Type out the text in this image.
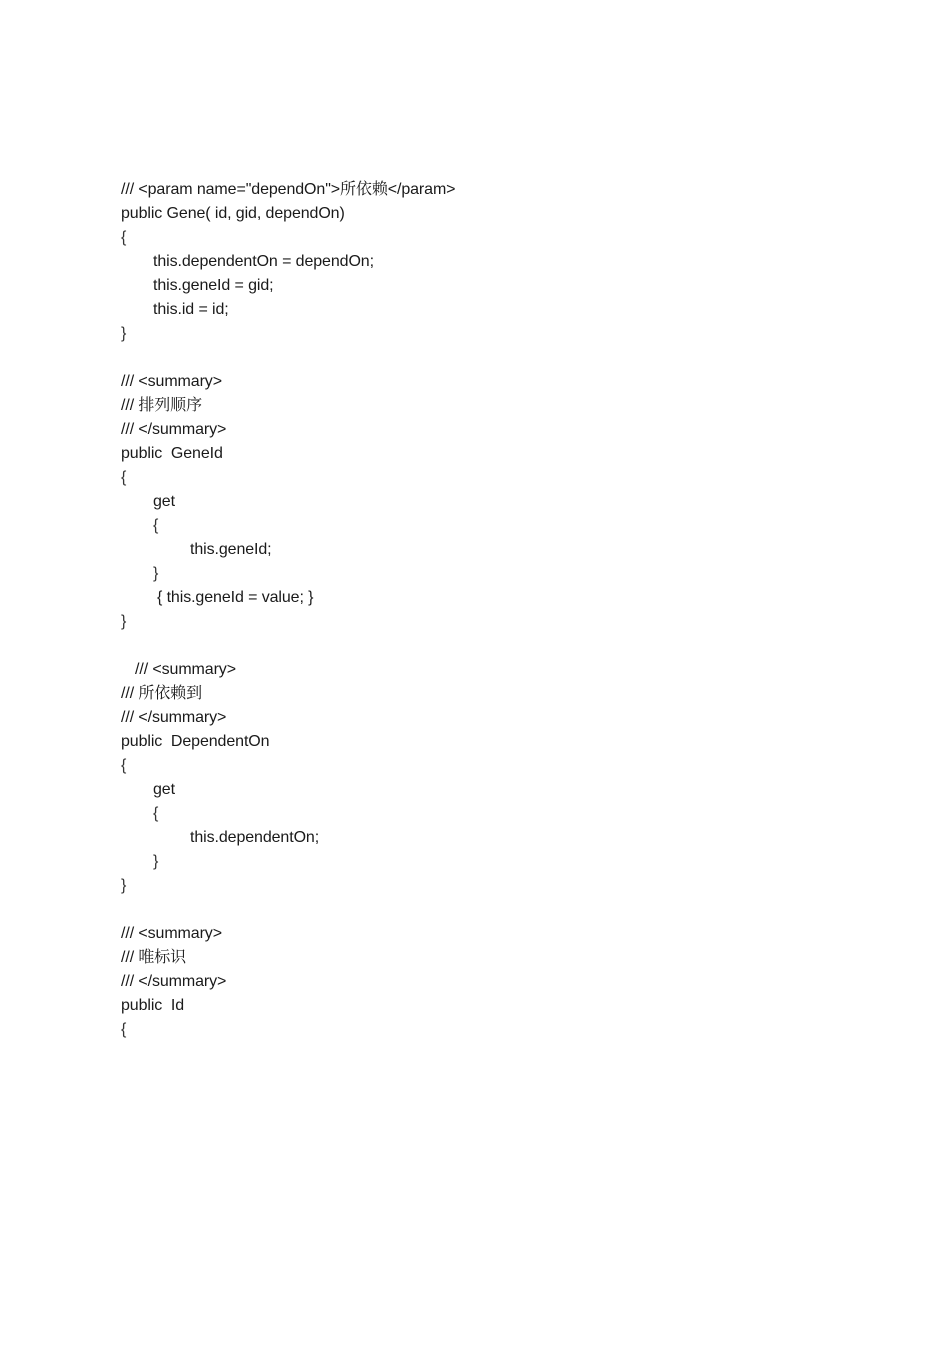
/// <param name="dependOn">所依赖</param>
public Gene( id, gid, dependOn)
{
this.dependentOn = dependOn;
this.geneId = gid;
this.id = id;
}
/// <summary>
/// 排列顺序
/// </summary>
public  GeneId
{
get
{
this.geneId;
}
{ this.geneId = value; }
}
/// <summary>
/// 所依赖到
/// </summary>
public  DependentOn
{
get
{
this.dependentOn;
}
}
/// <summary>
/// 唯标识
/// </summary>
public  Id
{
